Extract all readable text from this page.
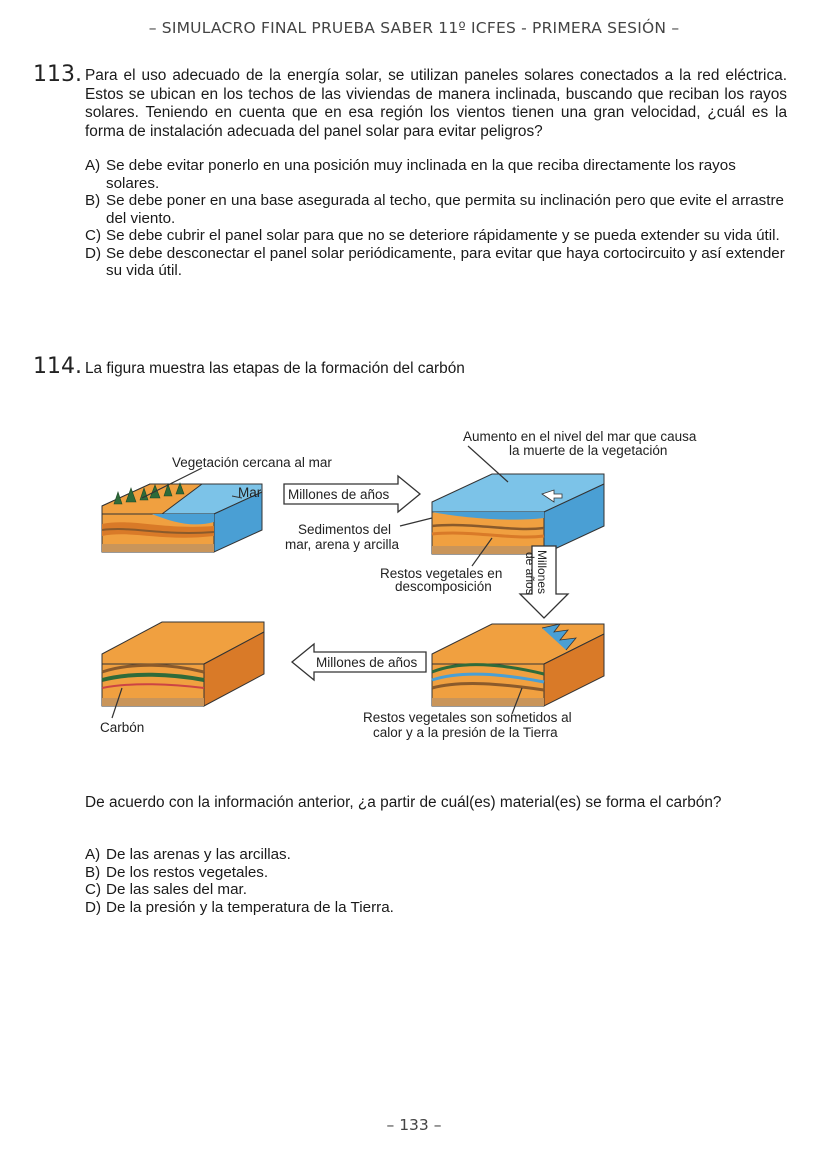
– SIMULACRO FINAL PRUEBA SABER 11º ICFES - PRIMERA SESIÓN –
113. Para el uso adecuado de la energía solar, se utilizan paneles solares conectados a la red eléctrica. Estos se ubican en los techos de las viviendas de manera inclinada, buscando que reciban los rayos solares. Teniendo en cuenta que en esa región los vientos tienen una gran velocidad, ¿cuál es la forma de instalación adecuada del panel solar para evitar peligros?
A) Se debe evitar ponerlo en una posición muy inclinada en la que reciba directamente los rayos solares.
B) Se debe poner en una base asegurada al techo, que permita su inclinación pero que evite el arrastre del viento.
C) Se debe cubrir el panel solar para que no se deteriore rápidamente y se pueda extender su vida útil.
D) Se debe desconectar el panel solar periódicamente, para evitar que haya cortocircuito y así extender su vida útil.
114. La figura muestra las etapas de la formación del carbón
Vegetación cercana al mar
Mar Millones de años
Aumento en el nivel del mar que causa
la muerte de la vegetación
Sedimentos del
mar, arena y arcilla
Restos vegetales en
descomposición	Millones
de años
Restos vegetales son sometidos al
calor y a la presión de la Tierra
Millones de años
Carbón
De acuerdo con la información anterior, ¿a partir de cuál(es) material(es) se forma el carbón?
A) De las arenas y las arcillas.
B) De los restos vegetales.
C) De las sales del mar.
D) De la presión y la temperatura de la Tierra.
– 133 –
